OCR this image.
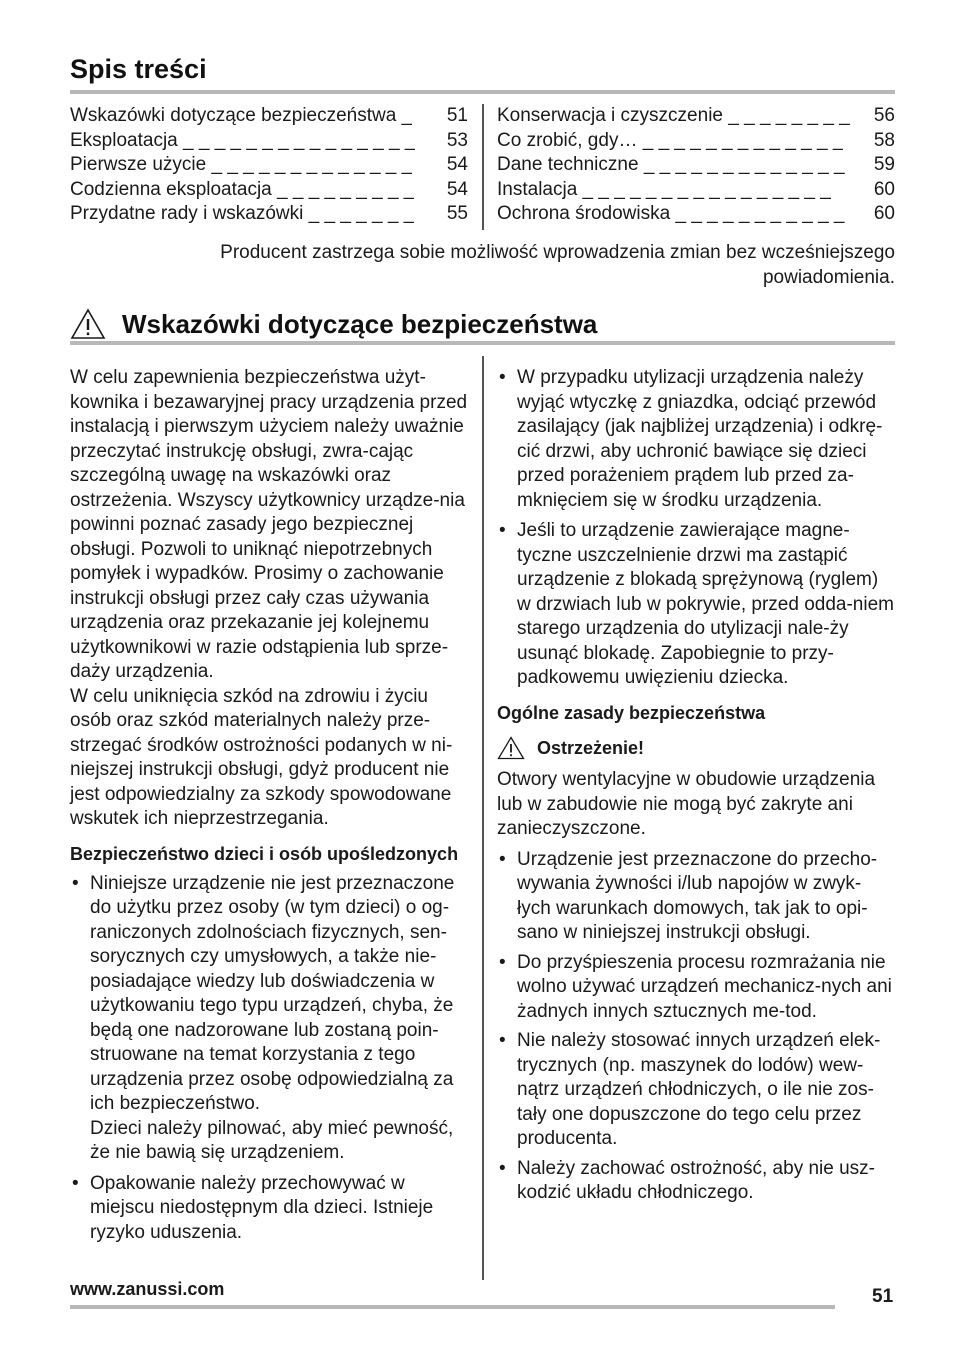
Spis treści
Wskazówki dotyczące bezpieczeństwa _ 51
Eksploatacja _ _ _ _ _ _ _ _ _ _ _ _ _ _ _ 53
Pierwsze użycie _ _ _ _ _ _ _ _ _ _ _ _ _ 54
Codzienna eksploatacja _ _ _ _ _ _ _ _ _ 54
Przydatne rady i wskazówki _ _ _ _ _ _ _ 55
Konserwacja i czyszczenie _ _ _ _ _ _ _ _ 56
Co zrobić, gdy… _ _ _ _ _ _ _ _ _ _ _ _ _ 58
Dane techniczne _ _ _ _ _ _ _ _ _ _ _ _ _ 59
Instalacja _ _ _ _ _ _ _ _ _ _ _ _ _ _ _ _ 60
Ochrona środowiska _ _ _ _ _ _ _ _ _ _ _ 60
Producent zastrzega sobie możliwość wprowadzenia zmian bez wcześniejszego
powiadomienia.
Wskazówki dotyczące bezpieczeństwa

W celu zapewnienia bezpieczeństwa użyt-kownika i bezawaryjnej pracy urządzenia przed instalacją i pierwszym użyciem należy uważnie przeczytać instrukcję obsługi, zwra-cając szczególną uwagę na wskazówki oraz ostrzeżenia. Wszyscy użytkownicy urządze-nia powinni poznać zasady jego bezpiecznej obsługi. Pozwoli to uniknąć niepotrzebnych pomyłek i wypadków. Prosimy o zachowanie instrukcji obsługi przez cały czas używania urządzenia oraz przekazanie jej kolejnemu użytkownikowi w razie odstąpienia lub sprze-daży urządzenia.

W celu uniknięcia szkód na zdrowiu i życiu osób oraz szkód materialnych należy prze-strzegać środków ostrożności podanych w ni-niejszej instrukcji obsługi, gdyż producent nie jest odpowiedzialny za szkody spowodowane wskutek ich nieprzestrzegania.

Bezpieczeństwo dzieci i osób upośledzonych
• Niniejsze urządzenie nie jest przeznaczone do użytku przez osoby (w tym dzieci) o og-raniczonych zdolnościach fizycznych, sen-sorycznych czy umysłowych, a także nie-posiadające wiedzy lub doświadczenia w użytkowaniu tego typu urządzeń, chyba, że będą one nadzorowane lub zostaną poin-struowane na temat korzystania z tego urządzenia przez osobę odpowiedzialną za ich bezpieczeństwo.
Dzieci należy pilnować, aby mieć pewność, że nie bawią się urządzeniem.
• Opakowanie należy przechowywać w miejscu niedostępnym dla dzieci. Istnieje ryzyko uduszenia.
• W przypadku utylizacji urządzenia należy wyjąć wtyczkę z gniazdka, odciąć przewód zasilający (jak najbliżej urządzenia) i odkrę-cić drzwi, aby uchronić bawiące się dzieci przed porażeniem prądem lub przed za-mknięciem się w środku urządzenia.
• Jeśli to urządzenie zawierające magne-tyczne uszczelnienie drzwi ma zastąpić urządzenie z blokadą sprężynową (ryglem) w drzwiach lub w pokrywie, przed odda-niem starego urządzenia do utylizacji nale-ży usunąć blokadę. Zapobiegnie to przy-padkowemu uwięzieniu dziecka.
Ogólne zasady bezpieczeństwa
Ostrzeżenie!

Otwory wentylacyjne w obudowie urządzenia lub w zabudowie nie mogą być zakryte ani zanieczyszczone.

• Urządzenie jest przeznaczone do przecho-wywania żywności i/lub napojów w zwyk-łych warunkach domowych, tak jak to opi-sano w niniejszej instrukcji obsługi.
• Do przyśpieszenia procesu rozmrażania nie wolno używać urządzeń mechanicz-nych ani żadnych innych sztucznych me-tod.
• Nie należy stosować innych urządzeń elek-trycznych (np. maszynek do lodów) wew-nątrz urządzeń chłodniczych, o ile nie zos-tały one dopuszczone do tego celu przez producenta.
• Należy zachować ostrożność, aby nie usz-kodzić układu chłodniczego.
www.zanussi.com	51
